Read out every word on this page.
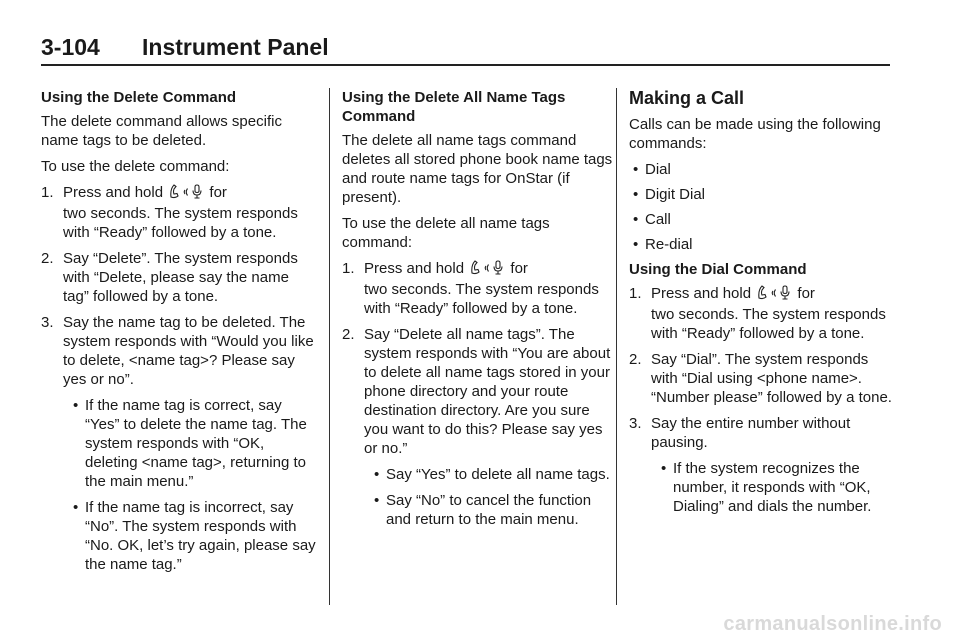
3-104 Instrument Panel
Using the Delete Command

The delete command allows specific name tags to be deleted.

To use the delete command:

1. Press and hold	for
two seconds. The system responds with “Ready” followed by a tone.
2. Say “Delete”. The system responds with “Delete, please say the name tag” followed by a tone.
3. Say the name tag to be deleted. The system responds with “Would you like to delete, <name tag>? Please say yes or no”.
• If the name tag is correct, say “Yes” to delete the name tag. The system responds with “OK, deleting <name tag>, returning to the main menu.”
• If the name tag is incorrect, say “No”. The system responds with “No. OK, let’s try again, please say the name tag.”
Using the Delete All Name Tags Command

The delete all name tags command deletes all stored phone book name tags and route name tags for OnStar (if present).

To use the delete all name tags command:

1. Press and hold	for
two seconds. The system responds with “Ready” followed by a tone.
2. Say “Delete all name tags”. The system responds with “You are about to delete all name tags stored in your phone directory and your route destination directory. Are you sure you want to do this? Please say yes or no.”
• Say “Yes” to delete all name tags.
• Say “No” to cancel the function and return to the main menu.
Making a Call

Calls can be made using the following commands:

• Dial
• Digit Dial
• Call
• Re-dial
Using the Dial Command
1. Press and hold	for
two seconds. The system responds with “Ready” followed by a tone.
2. Say “Dial”. The system responds with “Dial using <phone name>. “Number please” followed by a tone.
3. Say the entire number without pausing.
• If the system recognizes the number, it responds with “OK, Dialing” and dials the number.
carmanualsonline.info
